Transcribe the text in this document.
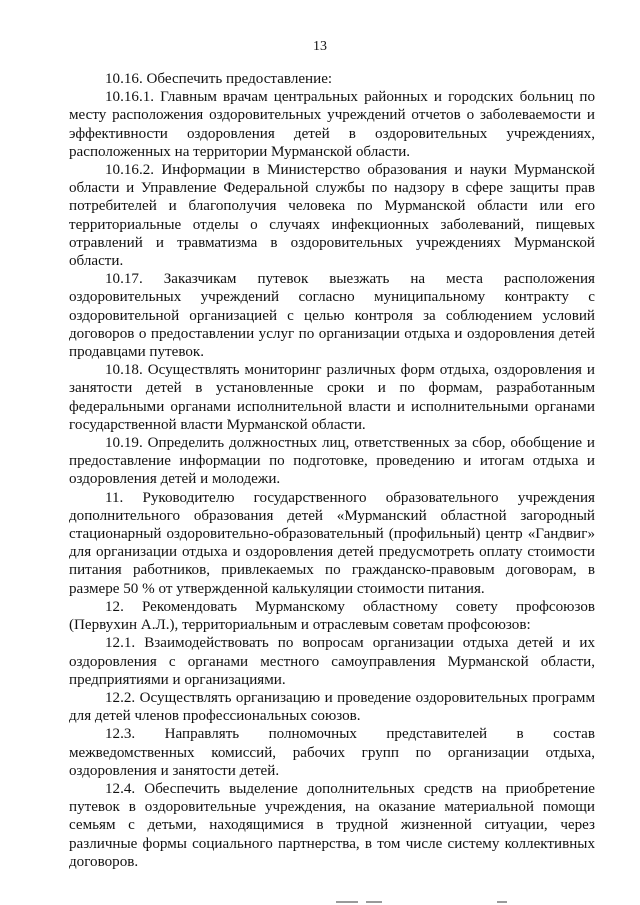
13

10.16. Обеспечить предоставление:

10.16.1. Главным врачам центральных районных и городских больниц по месту расположения оздоровительных учреждений отчетов о заболеваемости и эффективности оздоровления детей в оздоровительных учреждениях, расположенных на территории Мурманской области.

10.16.2. Информации в Министерство образования и науки Мурманской области и Управление Федеральной службы по надзору в сфере защиты прав потребителей и благополучия человека по Мурманской области или его территориальные отделы о случаях инфекционных заболеваний, пищевых отравлений и травматизма в оздоровительных учреждениях Мурманской области.

10.17. Заказчикам путевок выезжать на места расположения оздоровительных учреждений согласно муниципальному контракту с оздоровительной организацией с целью контроля за соблюдением условий договоров о предоставлении услуг по организации отдыха и оздоровления детей продавцами путевок.

10.18. Осуществлять мониторинг различных форм отдыха, оздоровления и занятости детей в установленные сроки и по формам, разработанным федеральными органами исполнительной власти и исполнительными органами государственной власти Мурманской области.

10.19. Определить должностных лиц, ответственных за сбор, обобщение и предоставление информации по подготовке, проведению и итогам отдыха и оздоровления детей и молодежи.

11. Руководителю государственного образовательного учреждения дополнительного образования детей «Мурманский областной загородный стационарный оздоровительно-образовательный (профильный) центр «Гандвиг» для организации отдыха и оздоровления детей предусмотреть оплату стоимости питания работников, привлекаемых по гражданско-правовым договорам, в размере 50 % от утвержденной калькуляции стоимости питания.

12. Рекомендовать Мурманскому областному совету профсоюзов (Первухин А.Л.), территориальным и отраслевым советам профсоюзов:

12.1. Взаимодействовать по вопросам организации отдыха детей и их оздоровления с органами местного самоуправления Мурманской области, предприятиями и организациями.

12.2. Осуществлять организацию и проведение оздоровительных программ для детей членов профессиональных союзов.

12.3. Направлять полномочных представителей в состав межведомственных комиссий, рабочих групп по организации отдыха, оздоровления и занятости детей.

12.4. Обеспечить выделение дополнительных средств на приобретение путевок в оздоровительные учреждения, на оказание материальной помощи семьям с детьми, находящимися в трудной жизненной ситуации, через различные формы социального партнерства, в том числе систему коллективных договоров.
